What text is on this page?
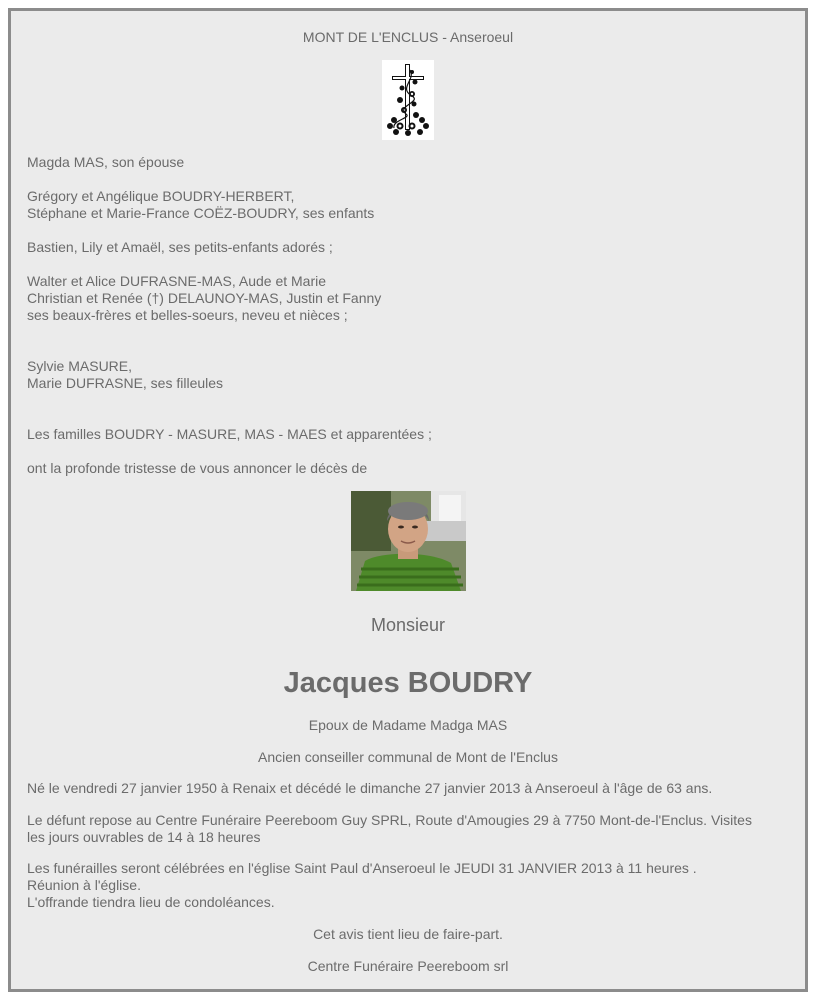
MONT DE L'ENCLUS - Anseroeul

Magda MAS, son épouse

Grégory et Angélique BOUDRY-HERBERT,

Stéphane et Marie-France COËZ-BOUDRY, ses enfants

Bastien, Lily et Amaël, ses petits-enfants adorés ;

Walter et Alice DUFRASNE-MAS, Aude et Marie

Christian et Renée (†) DELAUNOY-MAS, Justin et Fanny

ses beaux-frères et belles-soeurs, neveu et nièces ;

Sylvie MASURE,

Marie DUFRASNE, ses filleules

Les familles BOUDRY - MASURE, MAS - MAES et apparentées ;

ont la profonde tristesse de vous annoncer le décès de

Monsieur
Jacques BOUDRY

Epoux de Madame Madga MAS

Ancien conseiller communal de Mont de l'Enclus

Né le vendredi 27 janvier 1950 à Renaix et décédé le dimanche 27 janvier 2013 à Anseroeul à l'âge de 63 ans.

Le défunt repose au Centre Funéraire Peereboom Guy SPRL, Route d'Amougies 29 à 7750 Mont-de-l'Enclus. Visites

les jours ouvrables de 14 à 18 heures

Les funérailles seront célébrées en l'église Saint Paul d'Anseroeul le JEUDI 31 JANVIER 2013 à 11 heures .

Réunion à l'église.

L'offrande tiendra lieu de condoléances.

Cet avis tient lieu de faire-part.

Centre Funéraire Peereboom srl
